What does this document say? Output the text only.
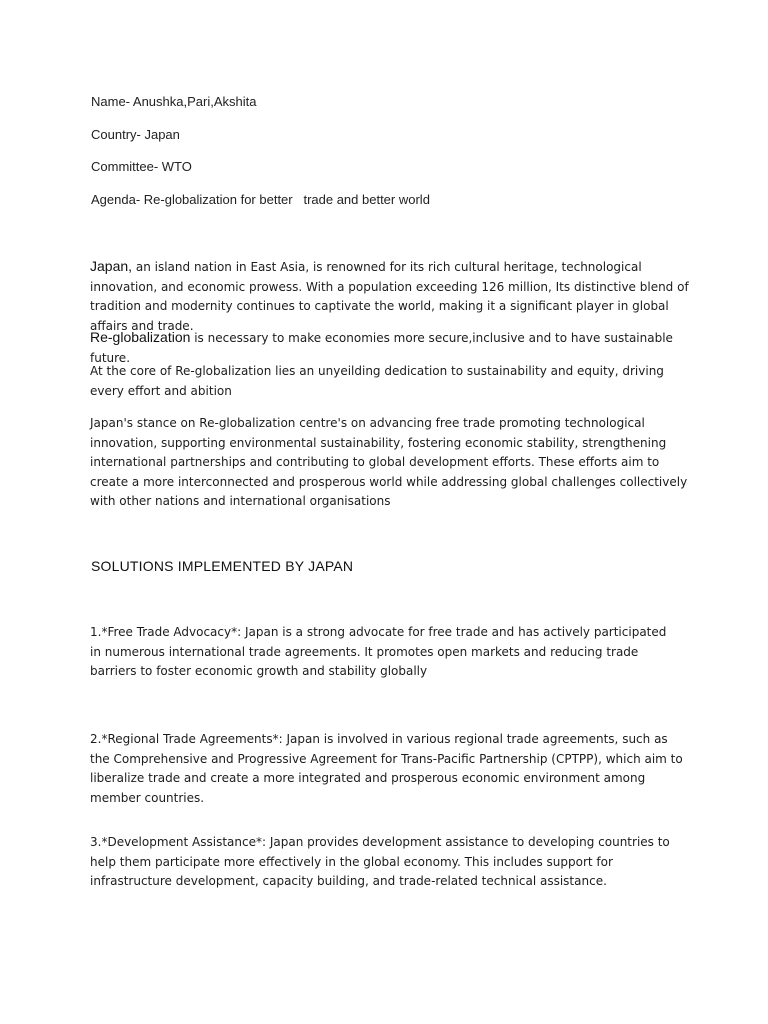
Name- Anushka,Pari,Akshita
Country- Japan
Committee- WTO
Agenda- Re-globalization for better   trade and better world
Japan, an island nation in East Asia, is renowned for its rich cultural heritage, technological innovation, and economic prowess. With a population exceeding 126 million, Its distinctive blend of tradition and modernity continues to captivate the world, making it a significant player in global affairs and trade.
Re-globalization is necessary to make economies more secure,inclusive and to have sustainable future.
At the core of Re-globalization lies an unyeilding dedication to sustainability and equity, driving every effort and abition
Japan's stance on Re-globalization centre's on advancing free trade promoting technological innovation, supporting environmental sustainability, fostering economic stability, strengthening international partnerships and contributing to global development efforts. These efforts aim to create a more interconnected and prosperous world while addressing global challenges collectively with other nations and international organisations
SOLUTIONS IMPLEMENTED BY JAPAN
1.*Free Trade Advocacy*: Japan is a strong advocate for free trade and has actively participated in numerous international trade agreements. It promotes open markets and reducing trade barriers to foster economic growth and stability globally
2.*Regional Trade Agreements*: Japan is involved in various regional trade agreements, such as the Comprehensive and Progressive Agreement for Trans-Pacific Partnership (CPTPP), which aim to liberalize trade and create a more integrated and prosperous economic environment among member countries.
3.*Development Assistance*: Japan provides development assistance to developing countries to help them participate more effectively in the global economy. This includes support for infrastructure development, capacity building, and trade-related technical assistance.
